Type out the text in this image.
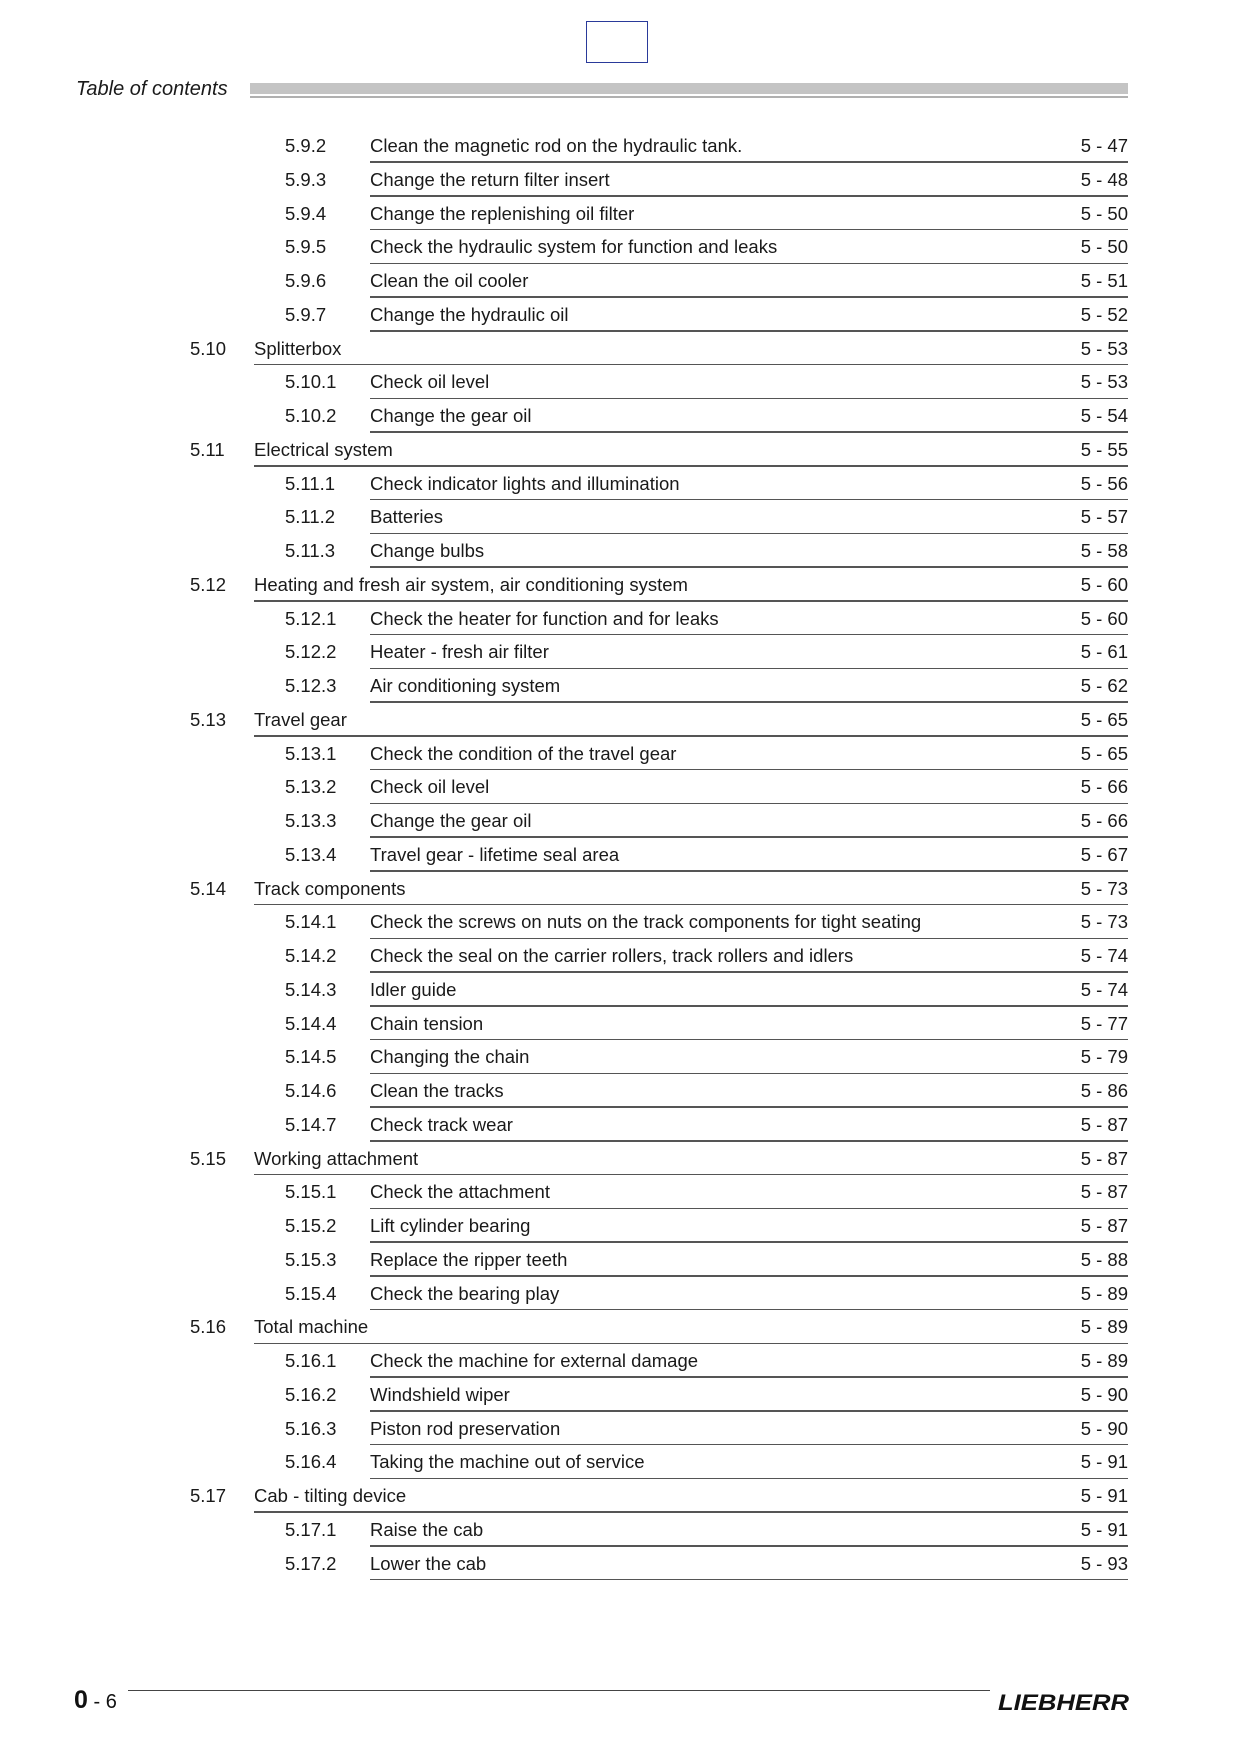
Table of contents
5.9.2 Clean the magnetic rod on the hydraulic tank.	5 - 47
5.9.3 Change the return filter insert	5 - 48
5.9.4 Change the replenishing oil filter	5 - 50
5.9.5 Check the hydraulic system for function and leaks	5 - 50
5.9.6 Clean the oil cooler	5 - 51
5.9.7 Change the hydraulic oil	5 - 52
5.10 Splitterbox	5 - 53
5.10.1 Check oil level	5 - 53
5.10.2 Change the gear oil	5 - 54
5.11 Electrical system	5 - 55
5.11.1 Check indicator lights and illumination	5 - 56
5.11.2 Batteries	5 - 57
5.11.3 Change bulbs	5 - 58
5.12 Heating and fresh air system, air conditioning system	5 - 60
5.12.1 Check the heater for function and for leaks	5 - 60
5.12.2 Heater - fresh air filter	5 - 61
5.12.3 Air conditioning system	5 - 62
5.13 Travel gear	5 - 65
5.13.1 Check the condition of the travel gear	5 - 65
5.13.2 Check oil level	5 - 66
5.13.3 Change the gear oil	5 - 66
5.13.4 Travel gear - lifetime seal area	5 - 67
5.14 Track components	5 - 73
5.14.1 Check the screws on nuts on the track components for tight seating	5 - 73
5.14.2 Check the seal on the carrier rollers, track rollers and idlers	5 - 74
5.14.3 Idler guide	5 - 74
5.14.4 Chain tension	5 - 77
5.14.5 Changing the chain	5 - 79
5.14.6 Clean the tracks	5 - 86
5.14.7 Check track wear	5 - 87
5.15 Working attachment	5 - 87
5.15.1 Check the attachment	5 - 87
5.15.2 Lift cylinder bearing	5 - 87
5.15.3 Replace the ripper teeth	5 - 88
5.15.4 Check the bearing play	5 - 89
5.16 Total machine	5 - 89
5.16.1 Check the machine for external damage	5 - 89
5.16.2 Windshield wiper	5 - 90
5.16.3 Piston rod preservation	5 - 90
5.16.4 Taking the machine out of service	5 - 91
5.17 Cab - tilting device	5 - 91
5.17.1 Raise the cab	5 - 91
5.17.2 Lower the cab	5 - 93
0 - 6	LIEBHERR
